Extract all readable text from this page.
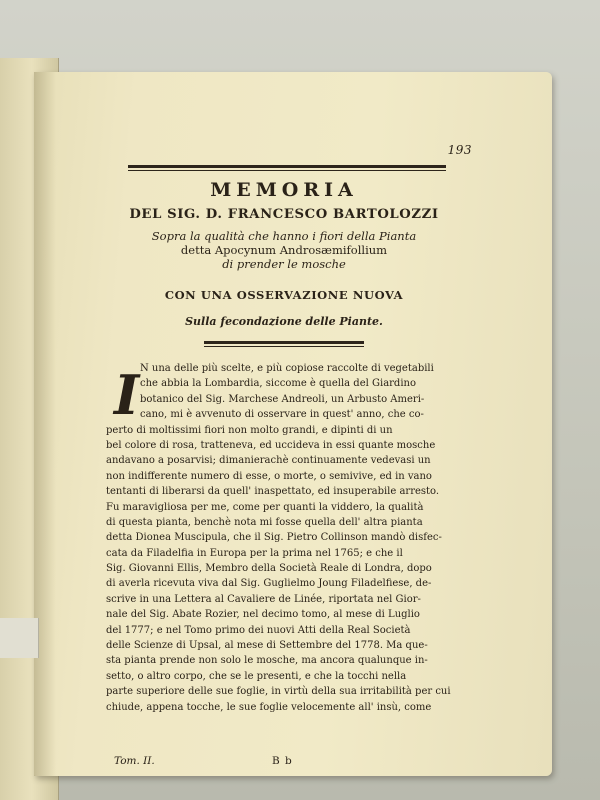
193
MEMORIA
DEL SIG. D. FRANCESCO BARTOLOZZI
Sopra la qualità che hanno i fiori della Pianta
detta Apocynum Androsæmifollium
di prender le mosche
CON UNA OSSERVAZIONE NUOVA
Sulla fecondazione delle Piante.
I N una delle più scelte, e più copiose raccolte di vegetabili
che abbia la Lombardia, siccome è quella del Giardino
botanico del Sig. Marchese Andreoli, un Arbusto Ameri-
cano, mi è avvenuto di osservare in quest' anno, che co-
perto di moltissimi fiori non molto grandi, e dipinti di un
bel colore di rosa, tratteneva, ed uccideva in essi quante mosche
andavano a posarvisi; dimanierachè continuamente vedevasi un
non indifferente numero di esse, o morte, o semivive, ed in vano
tentanti di liberarsi da quell' inaspettato, ed insuperabile arresto.
Fu maravigliosa per me, come per quanti la viddero, la qualità
di questa pianta, benchè nota mi fosse quella dell' altra pianta
detta Dionea Muscipula, che il Sig. Pietro Collinson mandò disfec-
cata da Filadelfia in Europa per la prima nel 1765; e che il
Sig. Giovanni Ellis, Membro della Società Reale di Londra, dopo
di averla ricevuta viva dal Sig. Guglielmo Joung Filadelfiese, de-
scrive in una Lettera al Cavaliere de Linée, riportata nel Gior-
nale del Sig. Abate Rozier, nel decimo tomo, al mese di Luglio
del 1777; e nel Tomo primo dei nuovi Atti della Real Società
delle Scienze di Upsal, al mese di Settembre del 1778. Ma que-
sta pianta prende non solo le mosche, ma ancora qualunque in-
setto, o altro corpo, che se le presenti, e che la tocchi nella
parte superiore delle sue foglie, in virtù della sua irritabilità per cui
chiude, appena tocche, le sue foglie velocemente all' insù, come
Tom. II.	B b
